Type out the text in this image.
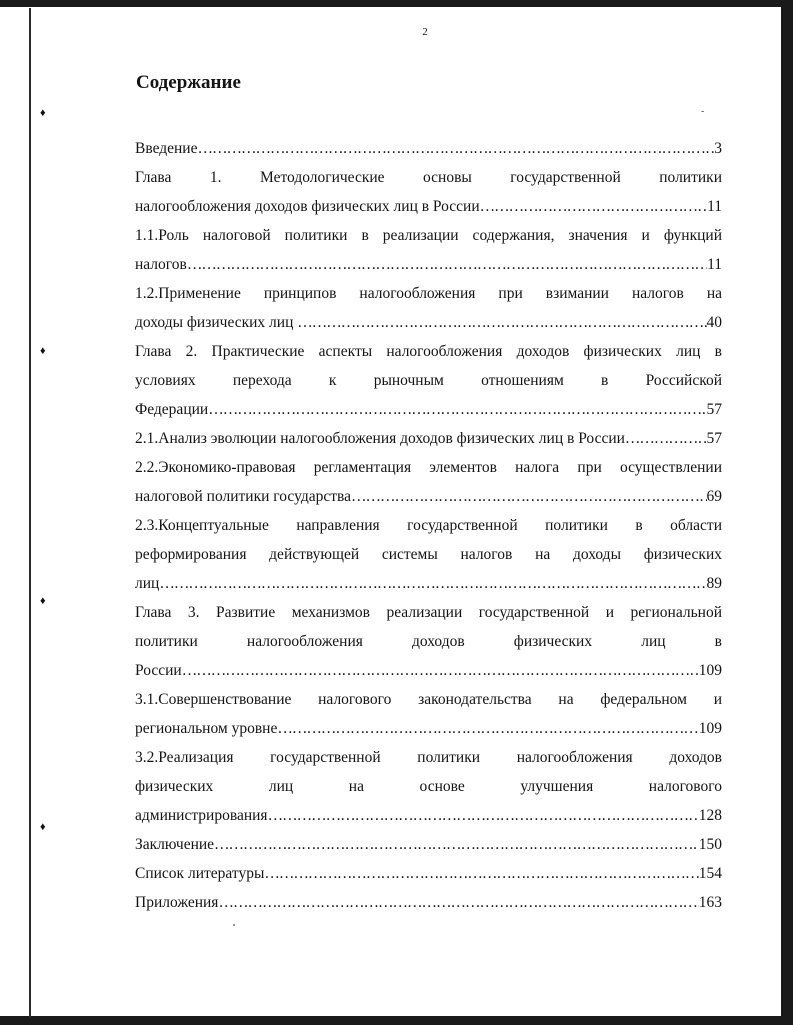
2
Содержание
-
♦
♦
♦
♦
Введение ……………………………………………………………………………………………………………………………………………………………………………	3
Глава 1. Методологические основы государственной политики
налогообложения доходов физических лиц в России ……………………………………………………………………………………………………………………………………………………………………………	11
1.1.Роль налоговой политики в реализации содержания, значения и функций
налогов ……………………………………………………………………………………………………………………………………………………………………………	11
1.2.Применение принципов налогообложения при взимании налогов на
доходы физических лиц ……………………………………………………………………………………………………………………………………………………………………………	40
Глава 2. Практические аспекты налогообложения доходов физических лиц в
условиях перехода к рыночным отношениям в Российской
Федерации ……………………………………………………………………………………………………………………………………………………………………………	57
2.1.Анализ эволюции налогообложения доходов физических лиц в России ……………………………………………………………………………………………………………………………………………………………………………	57
2.2.Экономико-правовая регламентация элементов налога при осуществлении
налоговой политики государства ……………………………………………………………………………………………………………………………………………………………………………	69
2.3.Концептуальные направления государственной политики в области
реформирования действующей системы налогов на доходы физических
лиц ……………………………………………………………………………………………………………………………………………………………………………	89
Глава 3. Развитие механизмов реализации государственной и региональной
политики налогообложения доходов физических лиц в
России ……………………………………………………………………………………………………………………………………………………………………………	109
3.1.Совершенствование налогового законодательства на федеральном и
региональном уровне ……………………………………………………………………………………………………………………………………………………………………………	109
3.2.Реализация государственной политики налогообложения доходов
физических лиц на основе улучшения налогового
администрирования ……………………………………………………………………………………………………………………………………………………………………………	128
Заключение ……………………………………………………………………………………………………………………………………………………………………………	150
Список литературы ……………………………………………………………………………………………………………………………………………………………………………	154
Приложения ……………………………………………………………………………………………………………………………………………………………………………	163
